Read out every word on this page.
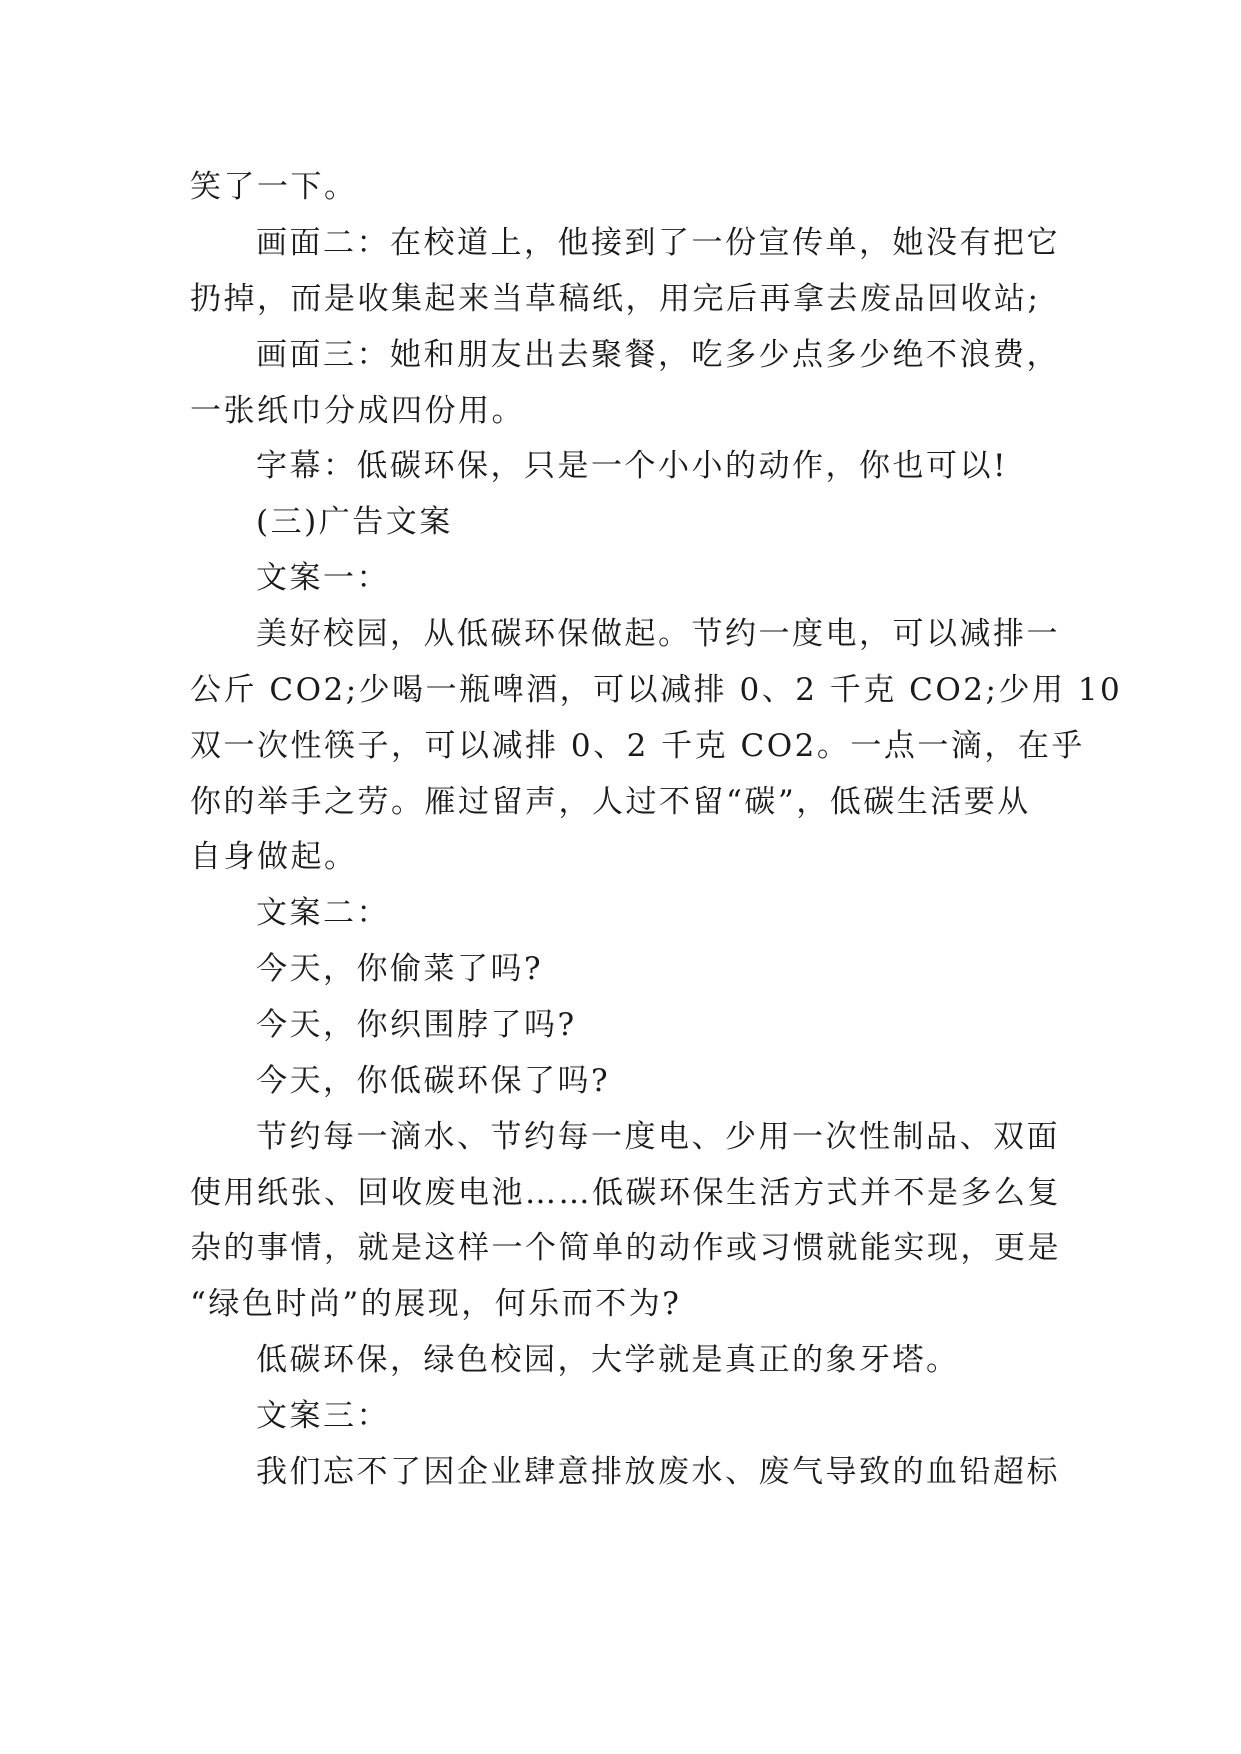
笑了一下。
画面二：在校道上，他接到了一份宣传单，她没有把它
扔掉，而是收集起来当草稿纸，用完后再拿去废品回收站;
画面三：她和朋友出去聚餐，吃多少点多少绝不浪费，
一张纸巾分成四份用。
字幕：低碳环保，只是一个小小的动作，你也可以!
(三)广告文案
文案一：
美好校园，从低碳环保做起。节约一度电，可以减排一
公斤 CO2;少喝一瓶啤酒，可以减排 0、2 千克 CO2;少用 10
双一次性筷子，可以减排 0、2 千克 CO2。一点一滴，在乎
你的举手之劳。雁过留声，人过不留“碳”，低碳生活要从
自身做起。
文案二：
今天，你偷菜了吗?
今天，你织围脖了吗?
今天，你低碳环保了吗?
节约每一滴水、节约每一度电、少用一次性制品、双面
使用纸张、回收废电池……低碳环保生活方式并不是多么复
杂的事情，就是这样一个简单的动作或习惯就能实现，更是
“绿色时尚”的展现，何乐而不为?
低碳环保，绿色校园，大学就是真正的象牙塔。
文案三：
我们忘不了因企业肆意排放废水、废气导致的血铅超标
